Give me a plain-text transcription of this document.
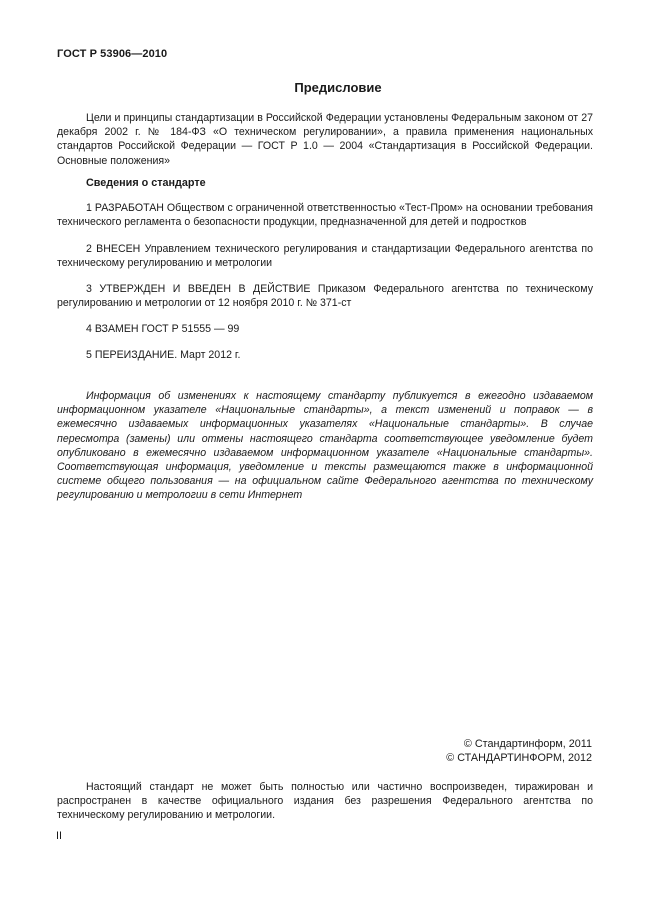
ГОСТ Р 53906—2010
Предисловие

Цели и принципы стандартизации в Российской Федерации установлены Федеральным законом от 27 декабря 2002 г. № 184-ФЗ «О техническом регулировании», а правила применения национальных стандартов Российской Федерации — ГОСТ Р 1.0 — 2004 «Стандартизация в Российской Федерации. Основные положения»

Сведения о стандарте

1 РАЗРАБОТАН Обществом с ограниченной ответственностью «Тест-Пром» на основании требования технического регламента о безопасности продукции, предназначенной для детей и подростков

2 ВНЕСЕН Управлением технического регулирования и стандартизации Федерального агентства по техническому регулированию и метрологии

3 УТВЕРЖДЕН И ВВЕДЕН В ДЕЙСТВИЕ Приказом Федерального агентства по техническому регулированию и метрологии от 12 ноября 2010 г. № 371-ст

4 ВЗАМЕН ГОСТ Р 51555 — 99

5 ПЕРЕИЗДАНИЕ. Март 2012 г.

Информация об изменениях к настоящему стандарту публикуется в ежегодно издаваемом информационном указателе «Национальные стандарты», а текст изменений и поправок — в ежемесячно издаваемых информационных указателях «Национальные стандарты». В случае пересмотра (замены) или отмены настоящего стандарта соответствующее уведомление будет опубликовано в ежемесячно издаваемом информационном указателе «Национальные стандарты». Соответствующая информация, уведомление и тексты размещаются также в информационной системе общего пользования — на официальном сайте Федерального агентства по техническому регулированию и метрологии в сети Интернет

© Стандартинформ, 2011
© СТАНДАРТИНФОРМ, 2012

Настоящий стандарт не может быть полностью или частично воспроизведен, тиражирован и распространен в качестве официального издания без разрешения Федерального агентства по техническому регулированию и метрологии.

II
